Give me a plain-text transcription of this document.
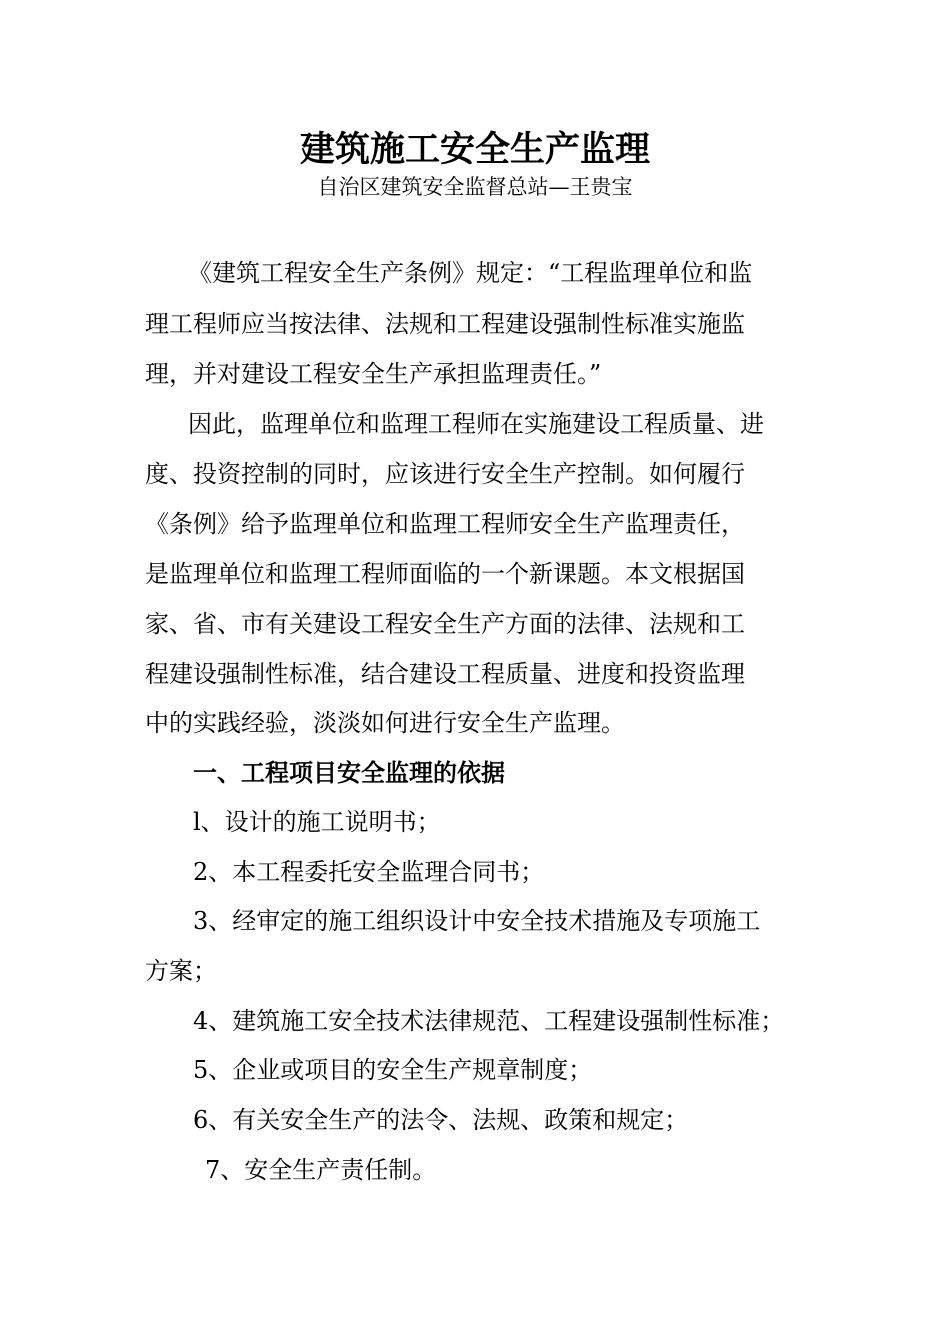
建筑施工安全生产监理
自治区建筑安全监督总站—王贵宝
《建筑工程安全生产条例》规定：“工程监理单位和监
理工程师应当按法律、法规和工程建设强制性标准实施监
理，并对建设工程安全生产承担监理责任。”
因此，监理单位和监理工程师在实施建设工程质量、进
度、投资控制的同时，应该进行安全生产控制。如何履行
《条例》给予监理单位和监理工程师安全生产监理责任，
是监理单位和监理工程师面临的一个新课题。本文根据国
家、省、市有关建设工程安全生产方面的法律、法规和工
程建设强制性标准，结合建设工程质量、进度和投资监理
中的实践经验，淡淡如何进行安全生产监理。
一、工程项目安全监理的依据
l、设计的施工说明书；
2、本工程委托安全监理合同书；
3、经审定的施工组织设计中安全技术措施及专项施工
方案；
4、建筑施工安全技术法律规范、工程建设强制性标准；
5、企业或项目的安全生产规章制度；
6、有关安全生产的法令、法规、政策和规定；
7、安全生产责任制。
